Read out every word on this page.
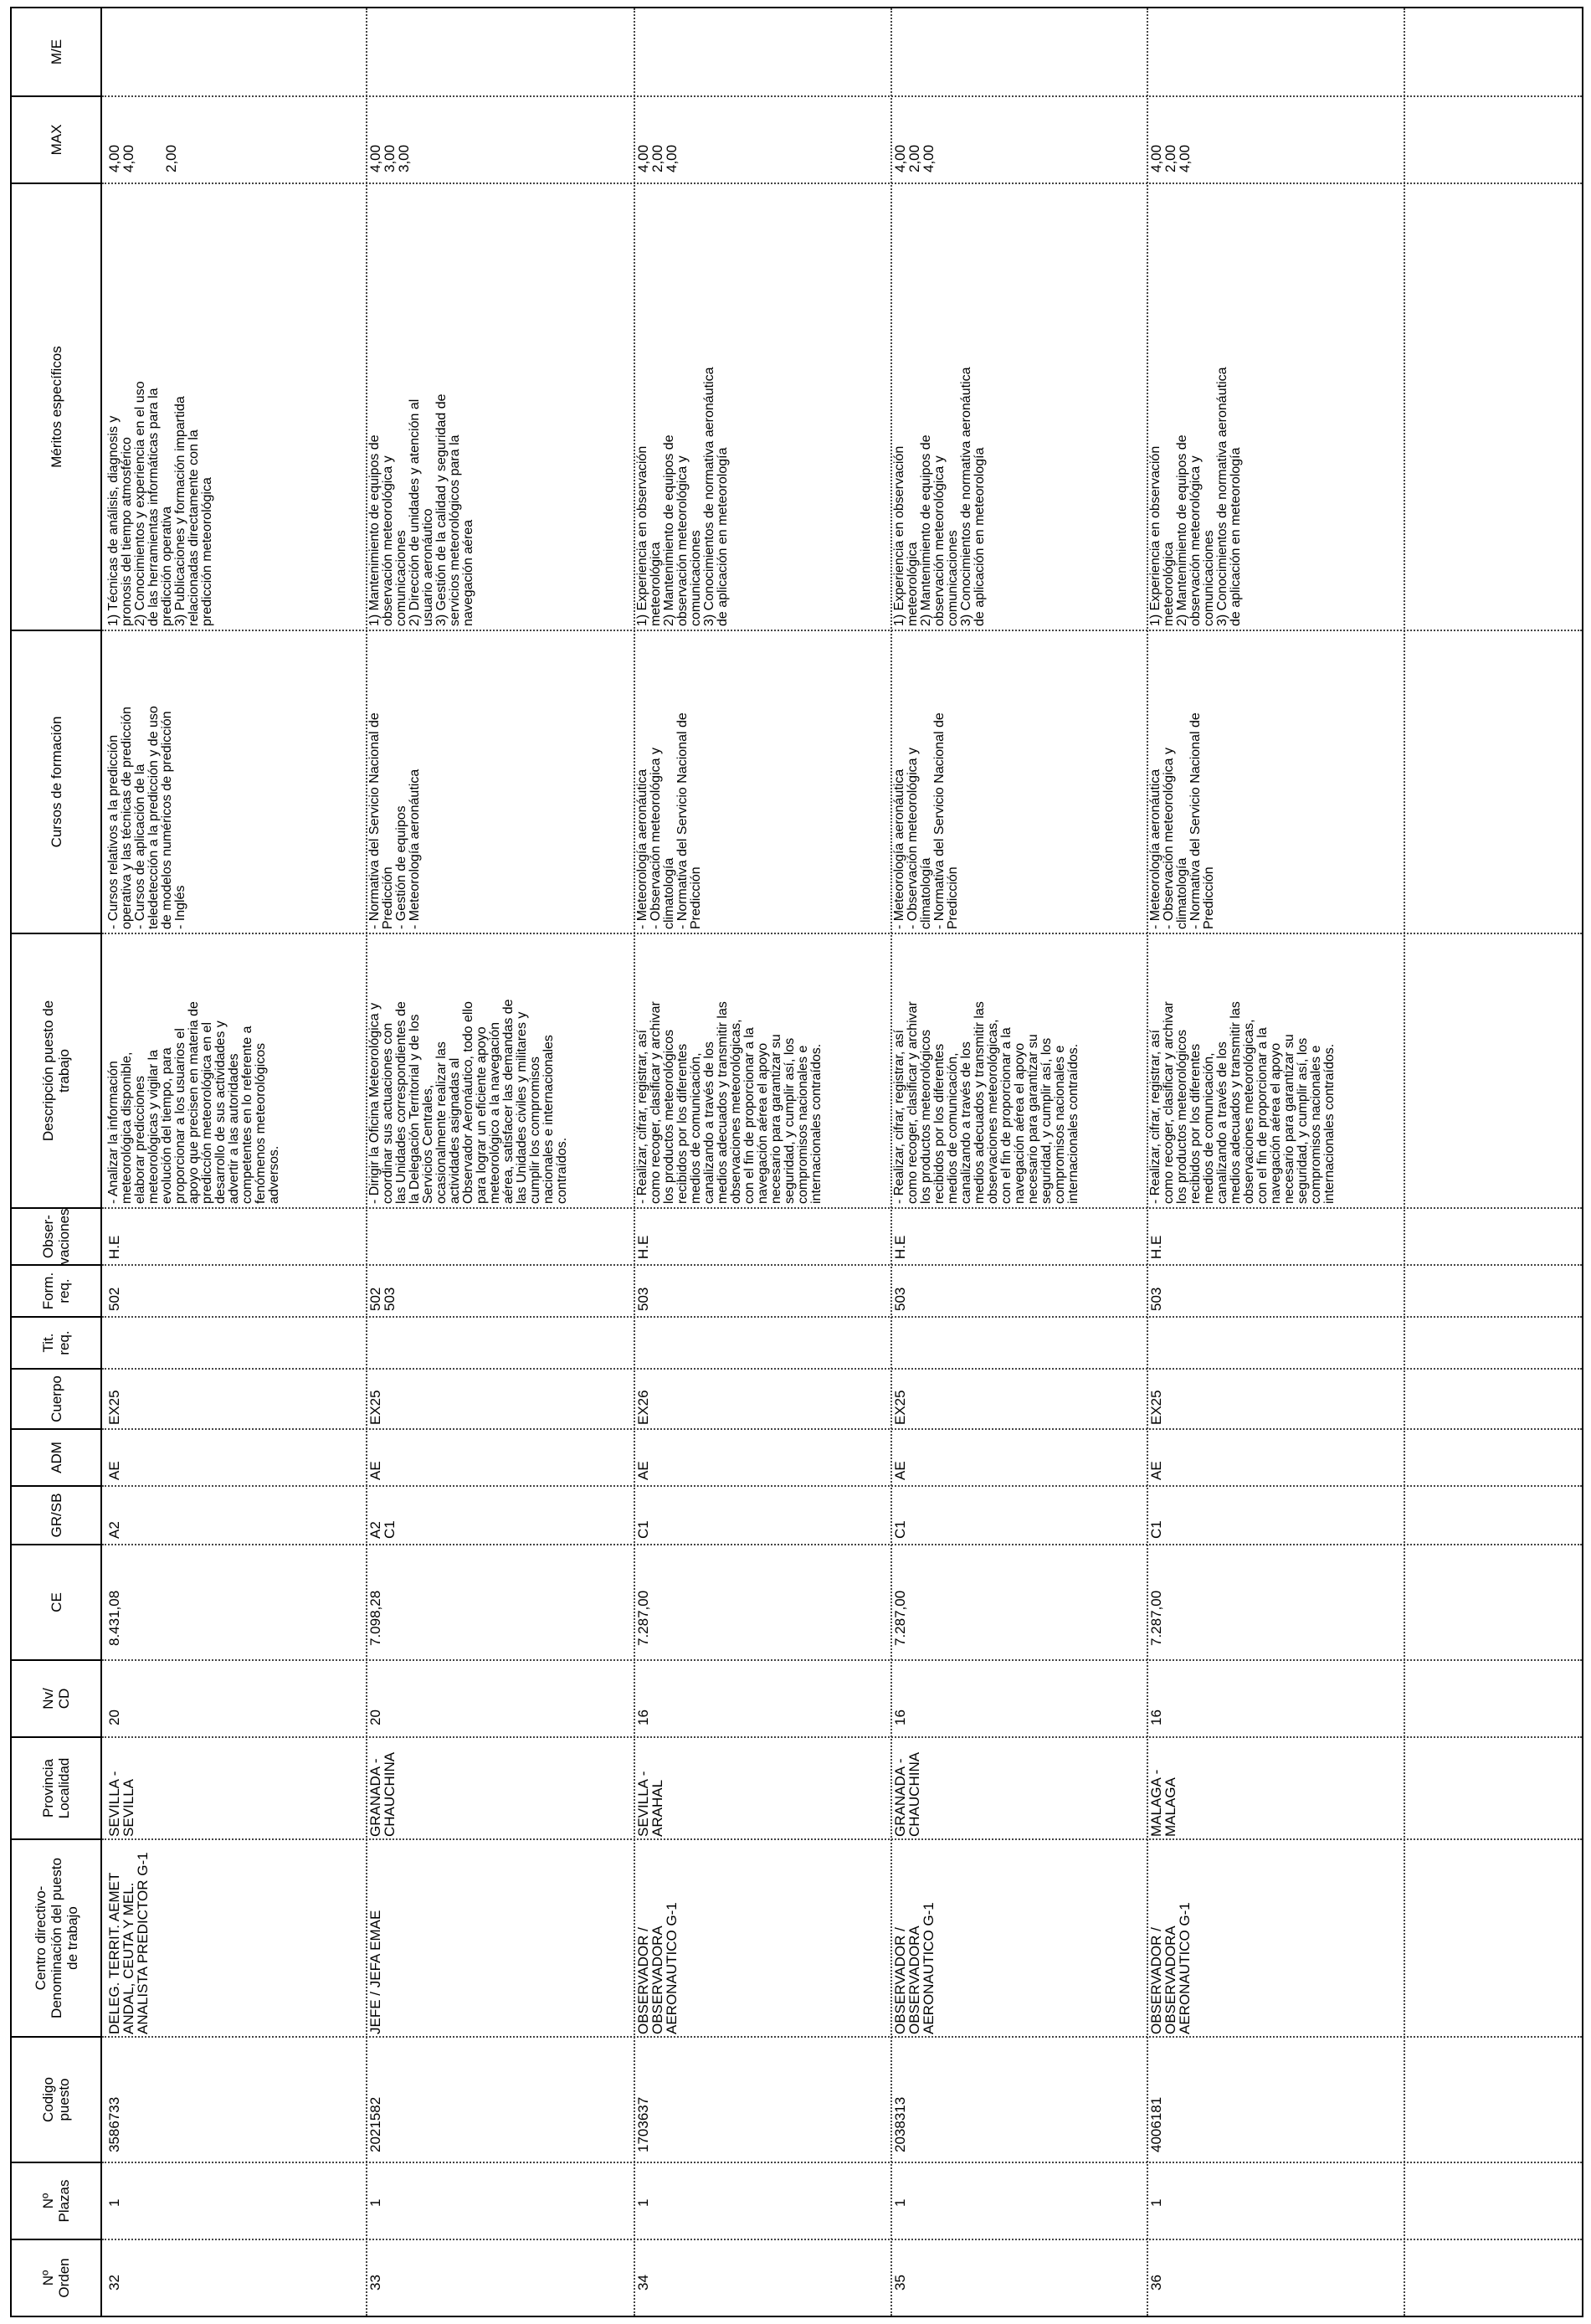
Nº
Orden
Nº
Plazas
Codigo
puesto
Centro directivo-
Denominación del puesto
de trabajo
Provincia
Localidad
Nv/
CD
CE
GR/SB
ADM
Cuerpo
Tit.
req.
Form.
req.
Obser-
vaciones
Descripción puesto de
trabajo
Cursos de formación
Méritos específicos
MAX
M/E
32
1
3586733
DELEG. TERRIT. AEMET
ANDAL, CEUTA Y MEL.
ANALISTA PREDICTOR G-1
SEVILLA -
SEVILLA
20
8.431,08
A2
AE
EX25
502
H.E
- Analizar la información
meteorológica disponible,
elaborar predicciones
meteorológicas y vigilar la
evolución del tiempo, para
proporcionar a los usuarios el
apoyo que precisen en materia de
predicción meteorológica en el
desarrollo de sus actividades y
advertir a las autoridades
competentes en lo referente a
fenómenos meteorológicos
adversos.
- Cursos relativos a la predicción
operativa y las técnicas de predicción
- Cursos de aplicación de la
teledetección a la predicción y de uso
de modelos numéricos de predicción
- Inglés
1) Técnicas de análisis, diagnosis y
pronosis del tiempo atmosférico
2) Conocimientos y experiencia en el uso
de las herramientas informáticas para la
predicción operativa
3) Publicaciones y formación impartida
relacionadas directamente con la
predicción meteorológica
4,00
4,00

2,00
33
1
2021582
JEFE / JEFA EMAE
GRANADA -
CHAUCHINA
20
7.098,28
A2
C1
AE
EX25
502
503
- Dirigir la Oficina Meteorológica y
coordinar sus actuaciones con
las Unidades correspondientes de
la Delegación Territorial y de los
Servicios Centrales,
ocasionalmente realizar las
actividades asignadas al
Observador Aeronáutico, todo ello
para lograr un eficiente apoyo
meteorológico a la navegación
aérea, satisfacer las demandas de
las Unidades civiles y militares y
cumplir los compromisos
nacionales e internacionales
contraídos.
- Normativa del Servicio Nacional de
Predicción
- Gestión de equipos
- Meteorología aeronáutica
1) Mantenimiento de equipos de
observación meteorológica y
comunicaciones
2) Dirección de unidades y atención al
usuario aeronáutico
3) Gestión de la calidad y seguridad de
servicios meteorológicos para la
navegación aérea
4,00
3,00
3,00
34
1
1703637
OBSERVADOR /
OBSERVADORA
AERONAUTICO G-1
SEVILLA -
ARAHAL
16
7.287,00
C1
AE
EX26
503
H.E
- Realizar, cifrar, registrar, así
como recoger, clasificar y archivar
los productos meteorológicos
recibidos por los diferentes
medios de comunicación,
canalizando a través de los
medios adecuados y transmitir las
observaciones meteorológicas,
con el fin de proporcionar a la
navegación aérea el apoyo
necesario para garantizar su
seguridad, y cumplir así, los
compromisos nacionales e
internacionales contraídos.
- Meteorología aeronáutica
- Observación meteorológica y
climatología
- Normativa del Servicio Nacional de
Predicción
1) Experiencia en observación
meteorológica
2) Mantenimiento de equipos de
observación meteorológica y
comunicaciones
3) Conocimientos de normativa aeronáutica
de aplicación en meteorología
4,00
2,00
4,00
35
1
2038313
OBSERVADOR /
OBSERVADORA
AERONAUTICO G-1
GRANADA -
CHAUCHINA
16
7.287,00
C1
AE
EX25
503
H.E
- Realizar, cifrar, registrar, así
como recoger, clasificar y archivar
los productos meteorológicos
recibidos por los diferentes
medios de comunicación,
canalizando a través de los
medios adecuados y transmitir las
observaciones meteorológicas,
con el fin de proporcionar a la
navegación aérea el apoyo
necesario para garantizar su
seguridad, y cumplir así, los
compromisos nacionales e
internacionales contraídos.
- Meteorología aeronáutica
- Observación meteorológica y
climatología
- Normativa del Servicio Nacional de
Predicción
1) Experiencia en observación
meteorológica
2) Mantenimiento de equipos de
observación meteorológica y
comunicaciones
3) Conocimientos de normativa aeronáutica
de aplicación en meteorología
4,00
2,00
4,00
36
1
4006181
OBSERVADOR /
OBSERVADORA
AERONAUTICO G-1
MALAGA -
MALAGA
16
7.287,00
C1
AE
EX25
503
H.E
- Realizar, cifrar, registrar, así
como recoger, clasificar y archivar
los productos meteorológicos
recibidos por los diferentes
medios de comunicación,
canalizando a través de los
medios adecuados y transmitir las
observaciones meteorológicas,
con el fin de proporcionar a la
navegación aérea el apoyo
necesario para garantizar su
seguridad, y cumplir así, los
compromisos nacionales e
internacionales contraídos.
- Meteorología aeronáutica
- Observación meteorológica y
climatología
- Normativa del Servicio Nacional de
Predicción
1) Experiencia en observación
meteorológica
2) Mantenimiento de equipos de
observación meteorológica y
comunicaciones
3) Conocimientos de normativa aeronáutica
de aplicación en meteorología
4,00
2,00
4,00
